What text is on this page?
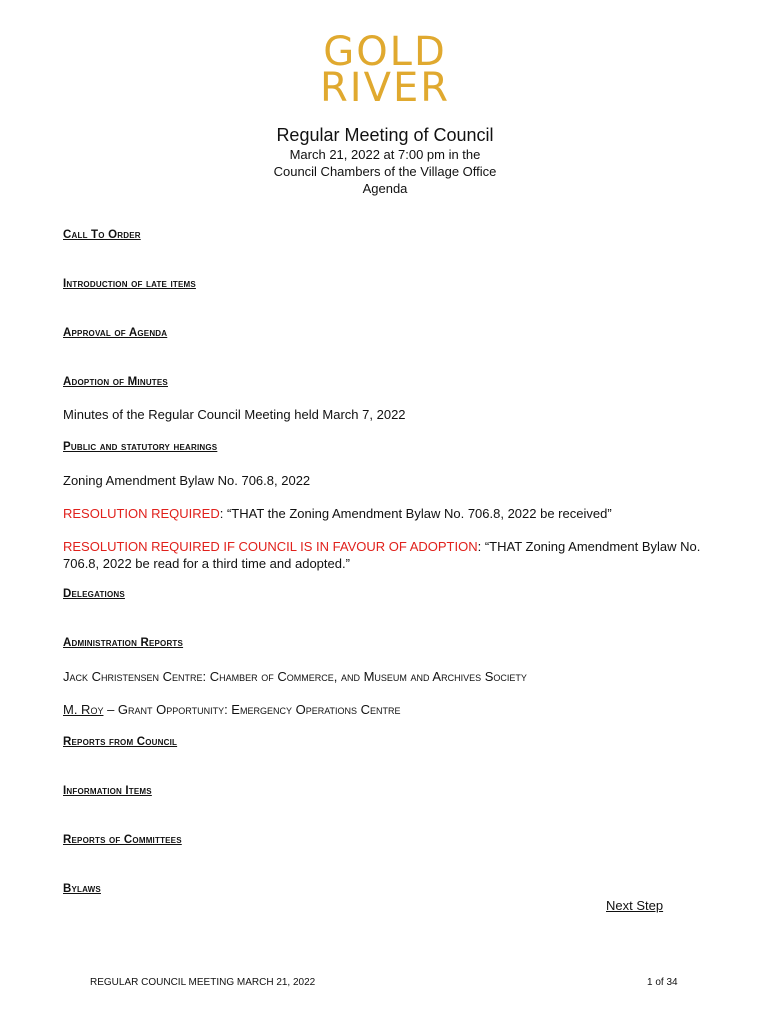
GOLD
RIVER

Regular Meeting of Council

March 21, 2022 at 7:00 pm in the

Council Chambers of the Village Office

Agenda

Call To Order
Introduction of late items
Approval of Agenda
Adoption of Minutes
Minutes of the Regular Council Meeting held March 7, 2022
Public and statutory hearings
Zoning Amendment Bylaw No. 706.8, 2022
RESOLUTION REQUIRED: “THAT the Zoning Amendment Bylaw No. 706.8, 2022 be received”
RESOLUTION REQUIRED IF COUNCIL IS IN FAVOUR OF ADOPTION: “THAT Zoning Amendment Bylaw No. 706.8, 2022 be read for a third time and adopted.”
Delegations
Administration Reports
Jack Christensen Centre: Chamber of Commerce, and Museum and Archives Society
M. Roy – Grant Opportunity: Emergency Operations Centre
Reports from Council
Information Items
Reports of Committees
Bylaws
Next Step
REGULAR COUNCIL MEETING MARCH 21, 2022	1 of 34
